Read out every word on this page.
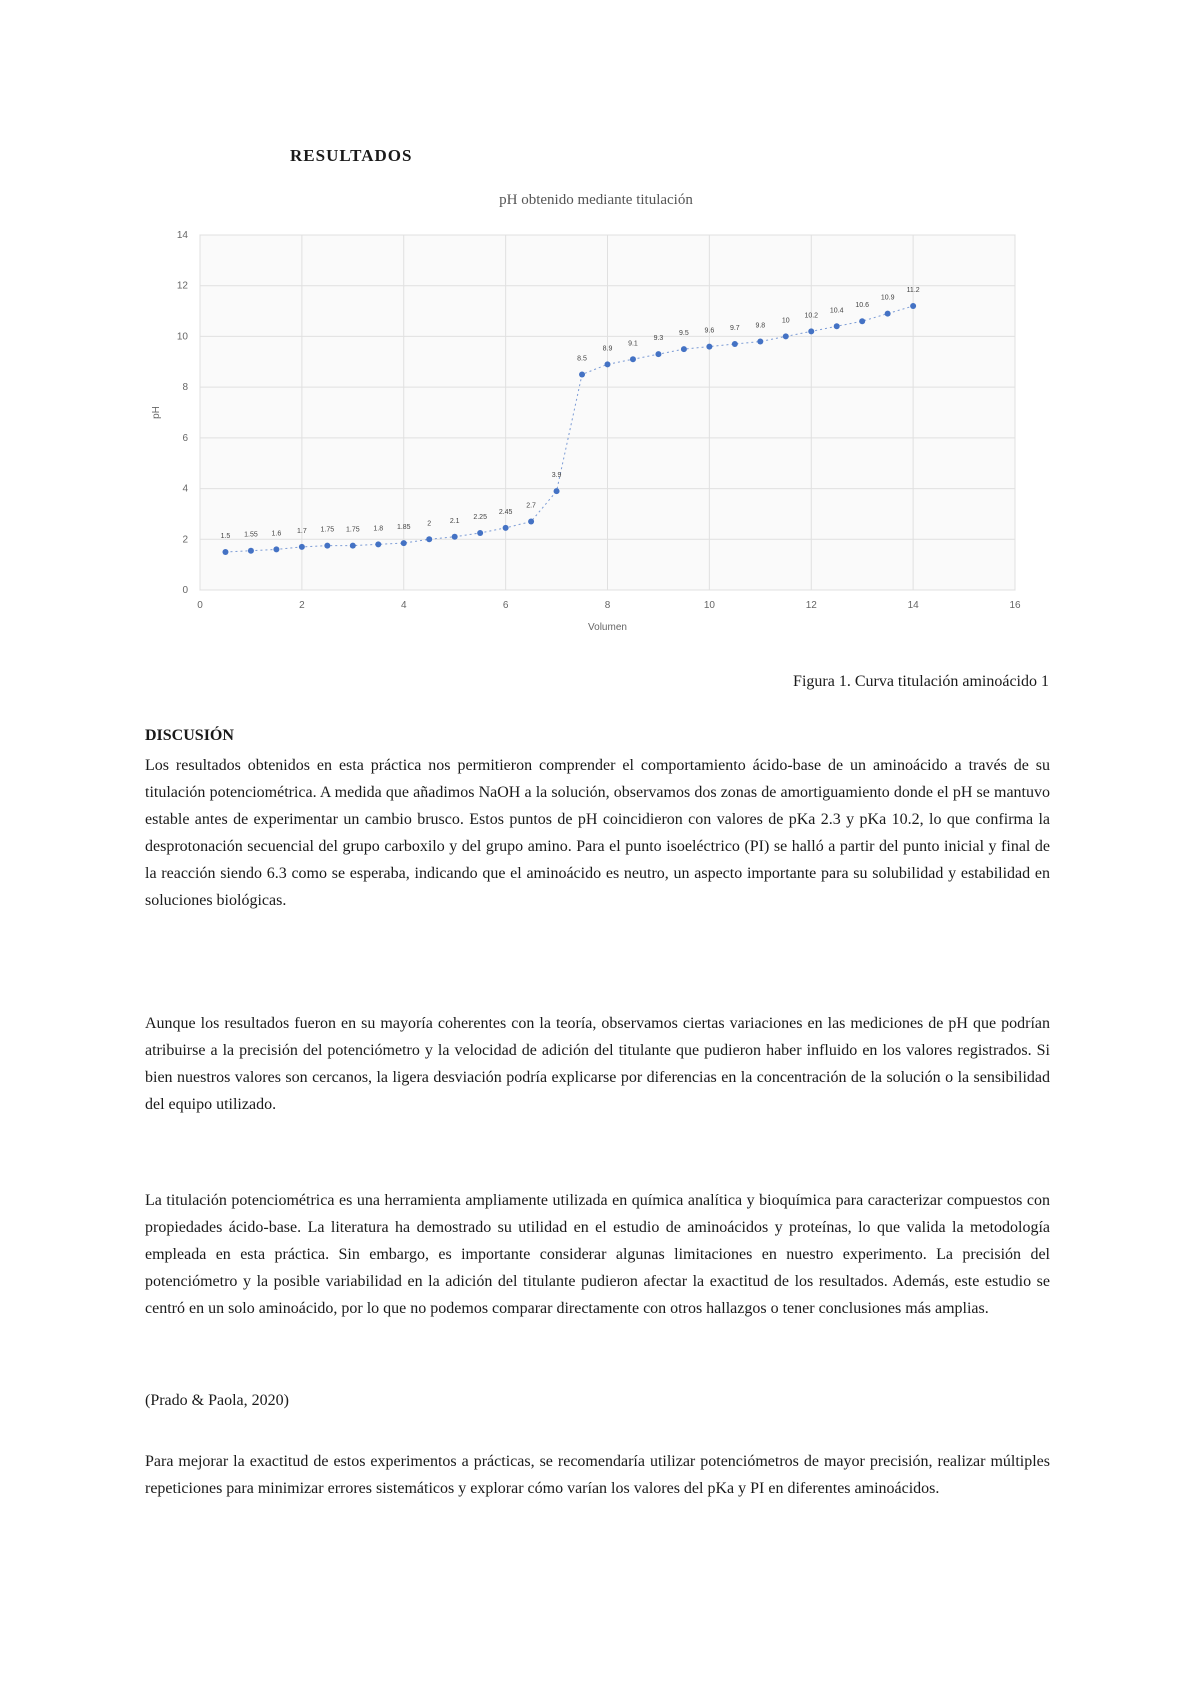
RESULTADOS
pH obtenido mediante titulación
0
2
4
6
8
10
12
14
0	2	4	6	8	10	12	14	16
Volumen
pH
1.5 1.55 1.6 1.7 1.75 1.75 1.8 1.85
2	2.1
2.25
2.45
2.7
3.9
8.5
8.9
9.1
9.3
9.5 9.6 9.7 9.8
10
10.2
10.4
10.6
10.9
11.2
Figura 1. Curva titulación aminoácido 1
DISCUSIÓN
Los resultados obtenidos en esta práctica nos permitieron comprender el comportamiento ácido-base de un aminoácido a través de su titulación potenciométrica. A medida que añadimos NaOH a la solución, observamos dos zonas de amortiguamiento donde el pH se mantuvo estable antes de experimentar un cambio brusco. Estos puntos de pH coincidieron con valores de pKa 2.3 y pKa 10.2, lo que confirma la desprotonación secuencial del grupo carboxilo y del grupo amino. Para el punto isoeléctrico (PI) se halló a partir del punto inicial y final de la reacción siendo 6.3 como se esperaba, indicando que el aminoácido es neutro, un aspecto importante para su solubilidad y estabilidad en soluciones biológicas.
Aunque los resultados fueron en su mayoría coherentes con la teoría, observamos ciertas variaciones en las mediciones de pH que podrían atribuirse a la precisión del potenciómetro y la velocidad de adición del titulante que pudieron haber influido en los valores registrados. Si bien nuestros valores son cercanos, la ligera desviación podría explicarse por diferencias en la concentración de la solución o la sensibilidad del equipo utilizado.
La titulación potenciométrica es una herramienta ampliamente utilizada en química analítica y bioquímica para caracterizar compuestos con propiedades ácido-base. La literatura ha demostrado su utilidad en el estudio de aminoácidos y proteínas, lo que valida la metodología empleada en esta práctica. Sin embargo, es importante considerar algunas limitaciones en nuestro experimento. La precisión del potenciómetro y la posible variabilidad en la adición del titulante pudieron afectar la exactitud de los resultados. Además, este estudio se centró en un solo aminoácido, por lo que no podemos comparar directamente con otros hallazgos o tener conclusiones más amplias.
(Prado & Paola, 2020)
Para mejorar la exactitud de estos experimentos a prácticas, se recomendaría utilizar potenciómetros de mayor precisión, realizar múltiples repeticiones para minimizar errores sistemáticos y explorar cómo varían los valores del pKa y PI en diferentes aminoácidos.
